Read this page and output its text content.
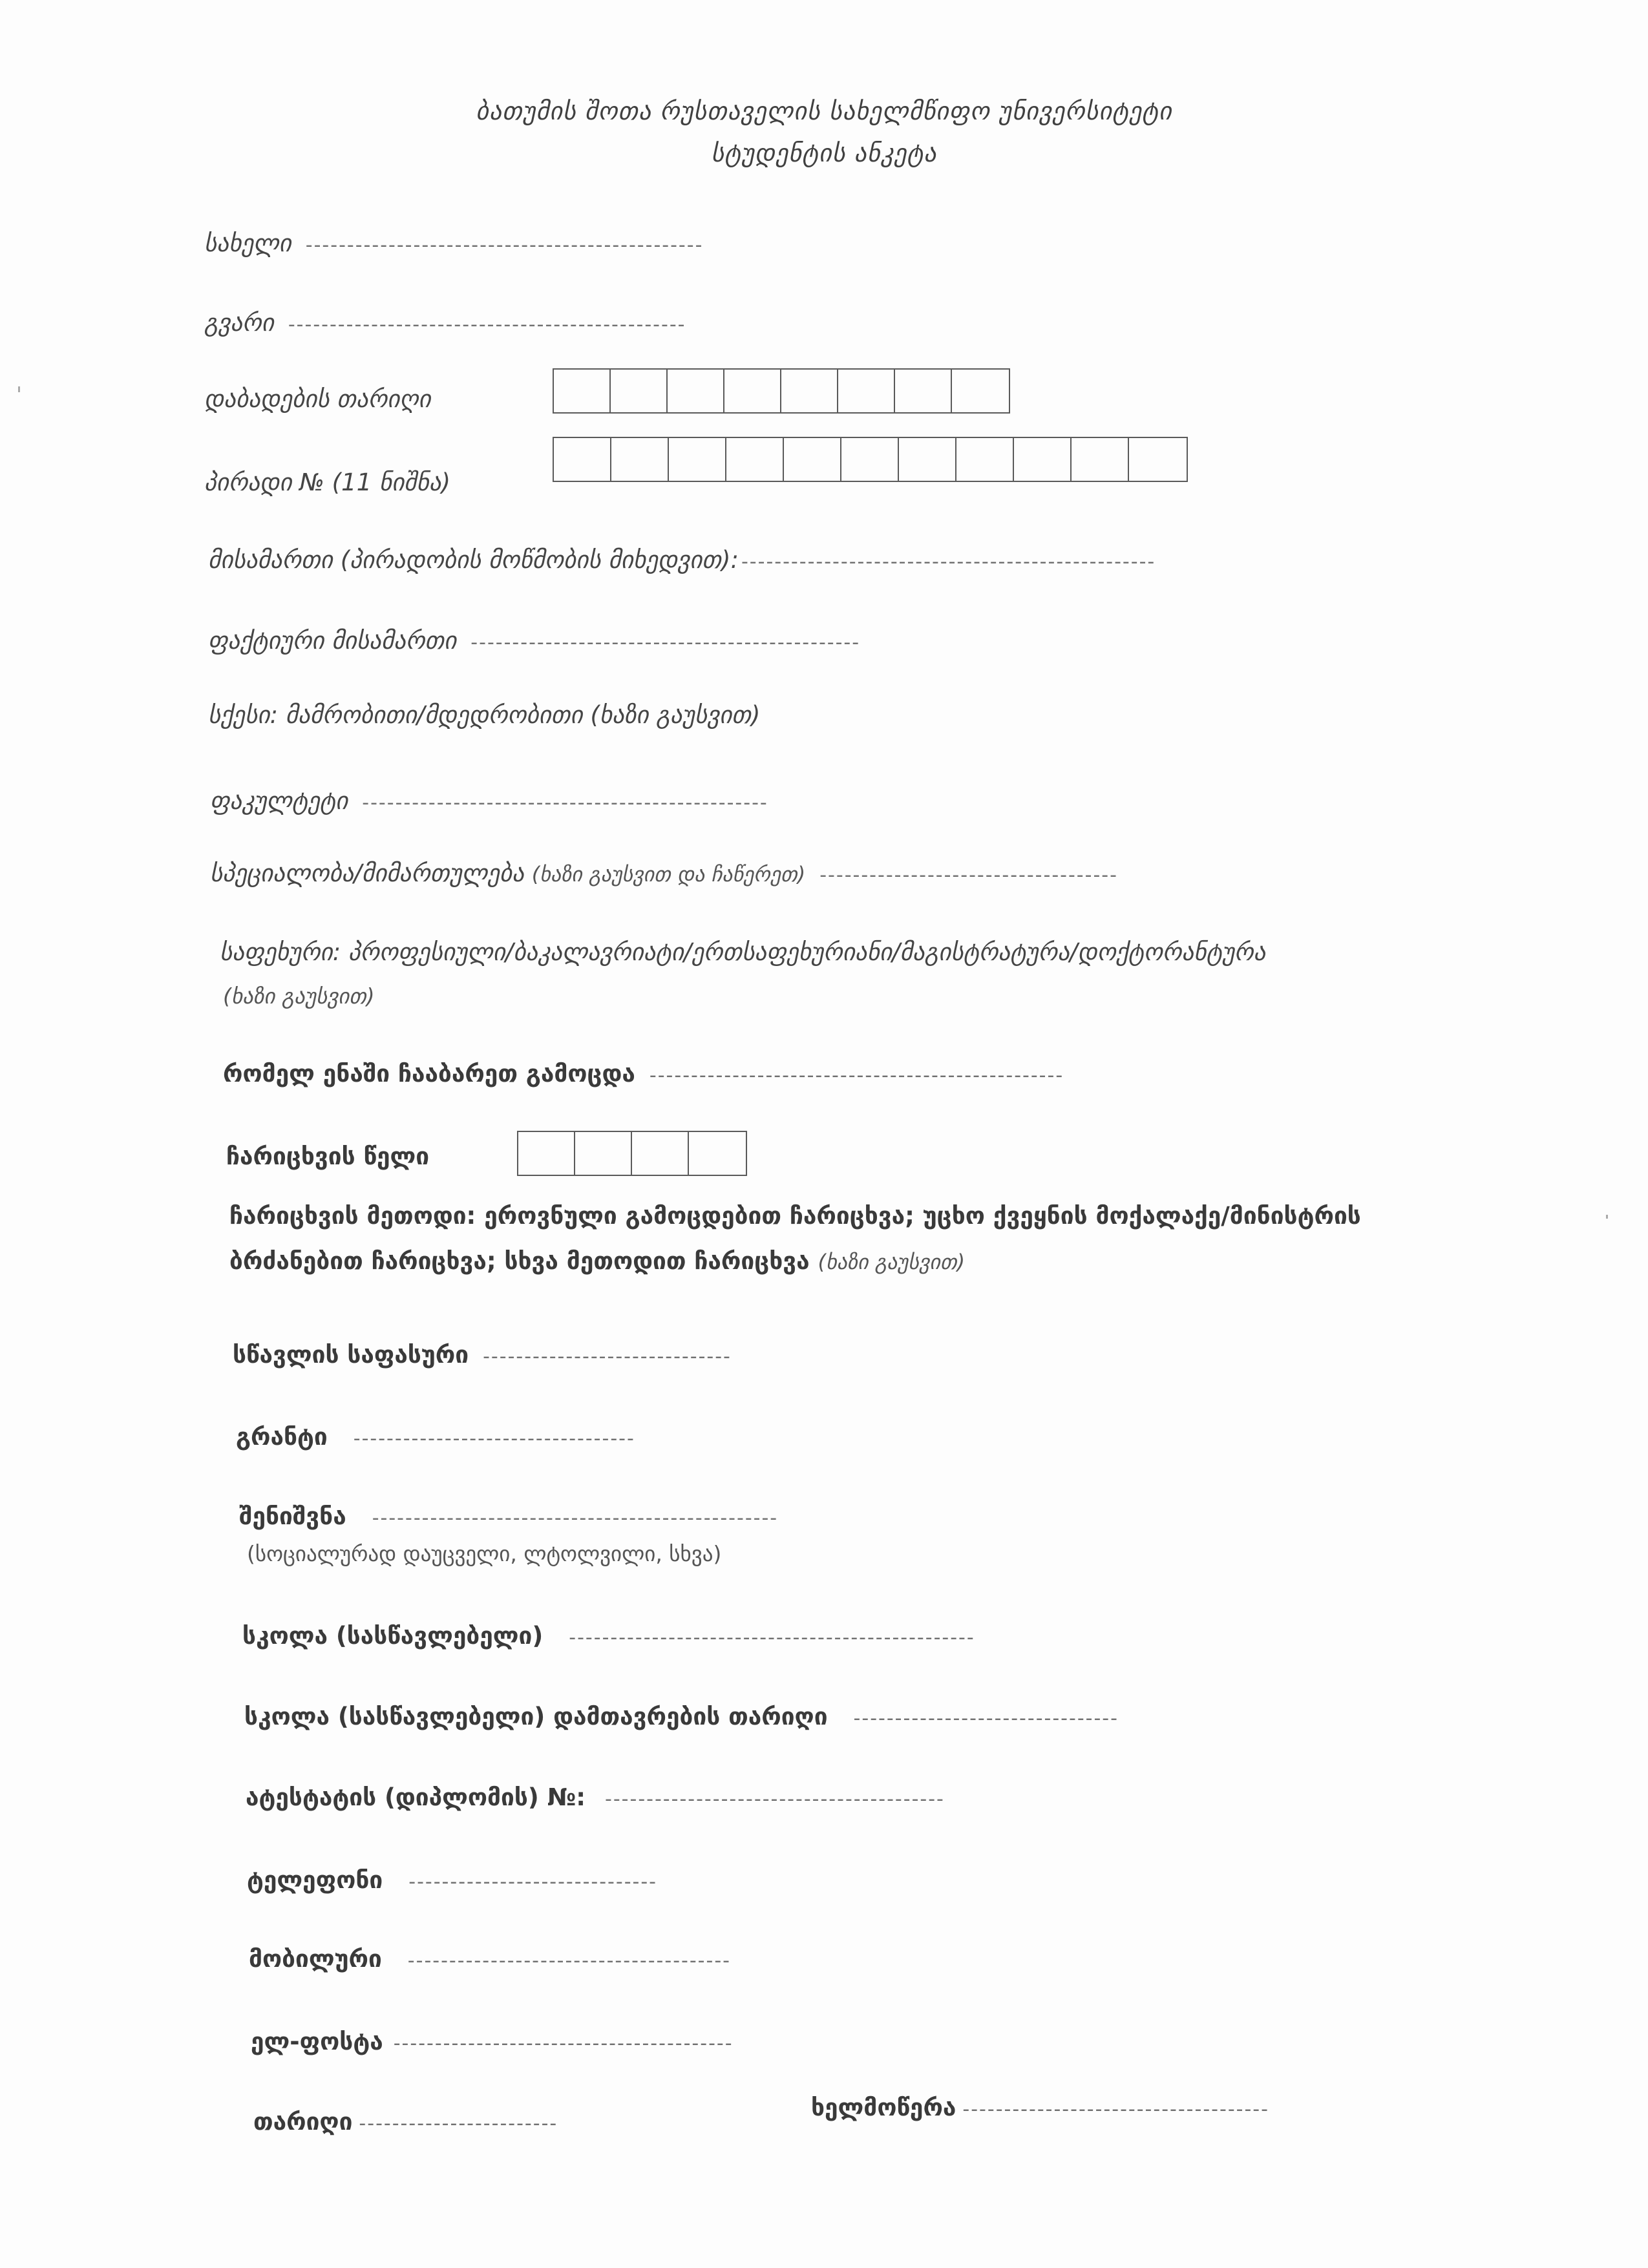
ბათუმის შოთა რუსთაველის სახელმწიფო უნივერსიტეტი
სტუდენტის ანკეტა
სახელი ------------------------------------------------
გვარი ------------------------------------------------
დაბადების თარიღი
პირადი № (11 ნიშნა)
მისამართი (პირადობის მოწმობის მიხედვით): --------------------------------------------------
ფაქტიური მისამართი -----------------------------------------------
სქესი: მამრობითი/მდედრობითი (ხაზი გაუსვით)
ფაკულტეტი -------------------------------------------------
სპეციალობა/მიმართულება (ხაზი გაუსვით და ჩაწერეთ) ------------------------------------
საფეხური: პროფესიული/ბაკალავრიატი/ერთსაფეხურიანი/მაგისტრატურა/დოქტორანტურა
(ხაზი გაუსვით)
რომელ ენაში ჩააბარეთ გამოცდა --------------------------------------------------
ჩარიცხვის წელი
ჩარიცხვის მეთოდი: ეროვნული გამოცდებით ჩარიცხვა; უცხო ქვეყნის მოქალაქე/მინისტრის
ბრძანებით ჩარიცხვა; სხვა მეთოდით ჩარიცხვა (ხაზი გაუსვით)
სწავლის საფასური ------------------------------
გრანტი ----------------------------------
შენიშვნა -------------------------------------------------
(სოციალურად დაუცველი, ლტოლვილი, სხვა)
სკოლა (სასწავლებელი) -------------------------------------------------
სკოლა (სასწავლებელი) დამთავრების თარიღი --------------------------------
ატესტატის (დიპლომის) №: -----------------------------------------
ტელეფონი ------------------------------
მობილური ---------------------------------------
ელ-ფოსტა -----------------------------------------
თარიღი ------------------------
ხელმოწერა -------------------------------------
